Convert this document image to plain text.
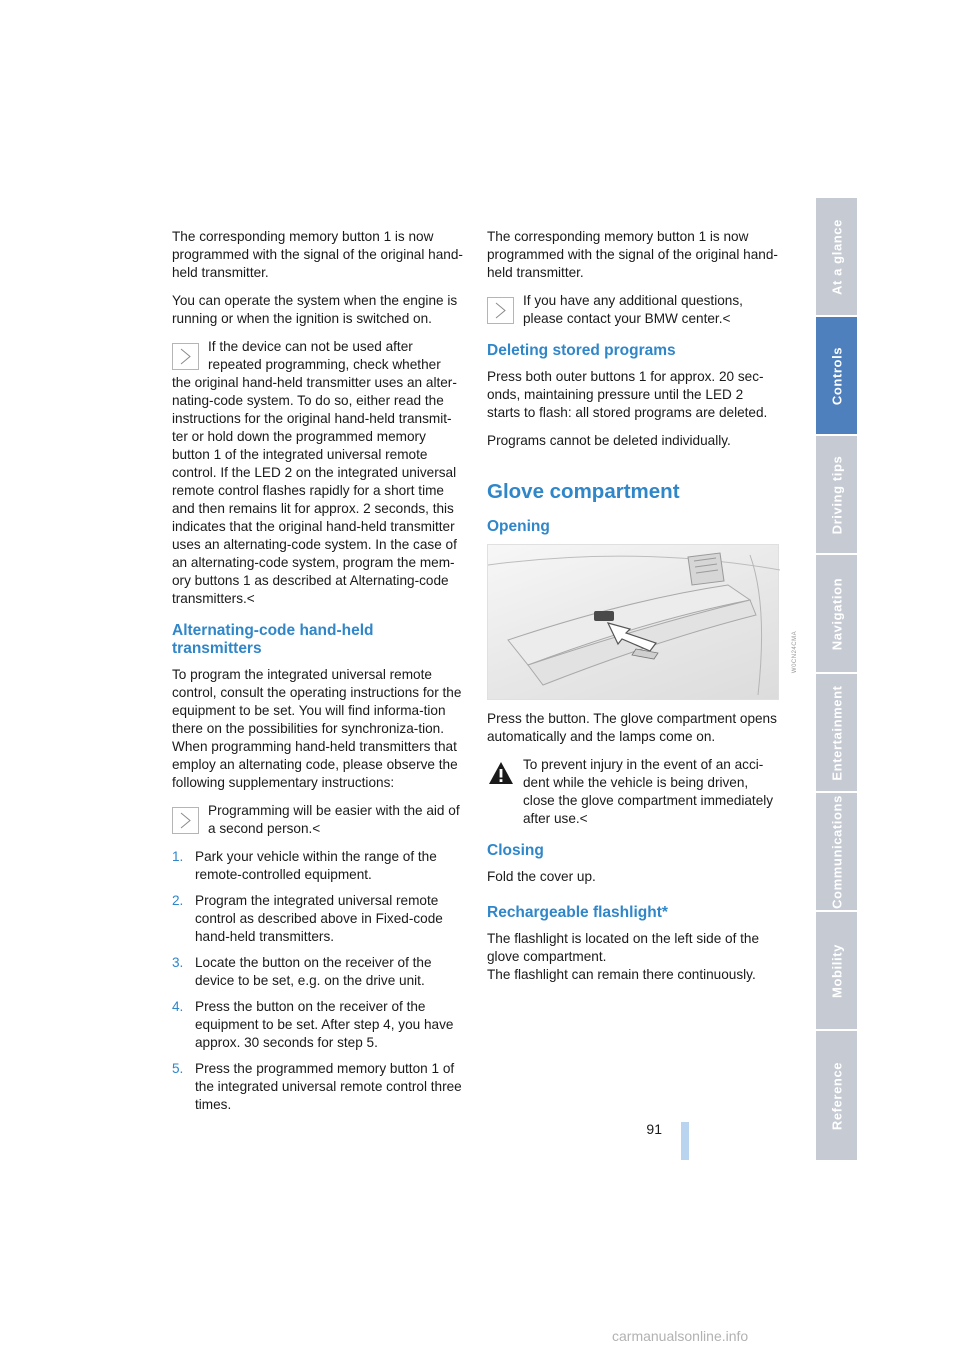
The corresponding memory button 1 is now programmed with the signal of the original hand-held transmitter.

You can operate the system when the engine is running or when the ignition is switched on.

If the device can not be used after repeated programming, check whether
the original hand-held transmitter uses an alter-nating-code system. To do so, either read the instructions for the original hand-held transmit-ter or hold down the programmed memory button 1 of the integrated universal remote control. If the LED 2 on the integrated universal remote control flashes rapidly for a short time and then remains lit for approx. 2 seconds, this indicates that the original hand-held transmitter uses an alternating-code system. In the case of an alternating-code system, program the mem-ory buttons 1 as described at Alternating-code transmitters.<
Alternating-code hand-held transmitters

To program the integrated universal remote control, consult the operating instructions for the equipment to be set. You will find informa-tion there on the possibilities for synchroniza-tion.

When programming hand-held transmitters that employ an alternating code, please observe the following supplementary instructions:

Programming will be easier with the aid of a second person.<
1. Park your vehicle within the range of the remote-controlled equipment.
2. Program the integrated universal remote control as described above in Fixed-code hand-held transmitters.
3. Locate the button on the receiver of the device to be set, e.g. on the drive unit.
4. Press the button on the receiver of the equipment to be set. After step 4, you have approx. 30 seconds for step 5.
5. Press the programmed memory button 1 of the integrated universal remote control three times.

The corresponding memory button 1 is now programmed with the signal of the original hand-held transmitter.

If you have any additional questions, please contact your BMW center.<
Deleting stored programs

Press both outer buttons 1 for approx. 20 sec-onds, maintaining pressure until the LED 2 starts to flash: all stored programs are deleted.

Programs cannot be deleted individually.

Glove compartment
Opening
W0CN24CMA

Press the button. The glove compartment opens automatically and the lamps come on.

To prevent injury in the event of an acci-dent while the vehicle is being driven, close the glove compartment immediately after use.<
Closing

Fold the cover up.

Rechargeable flashlight*

The flashlight is located on the left side of the glove compartment.

The flashlight can remain there continuously.

At a glance
Controls
Driving tips
Navigation
Entertainment
Communications
Mobility
Reference
91
carmanualsonline.info
